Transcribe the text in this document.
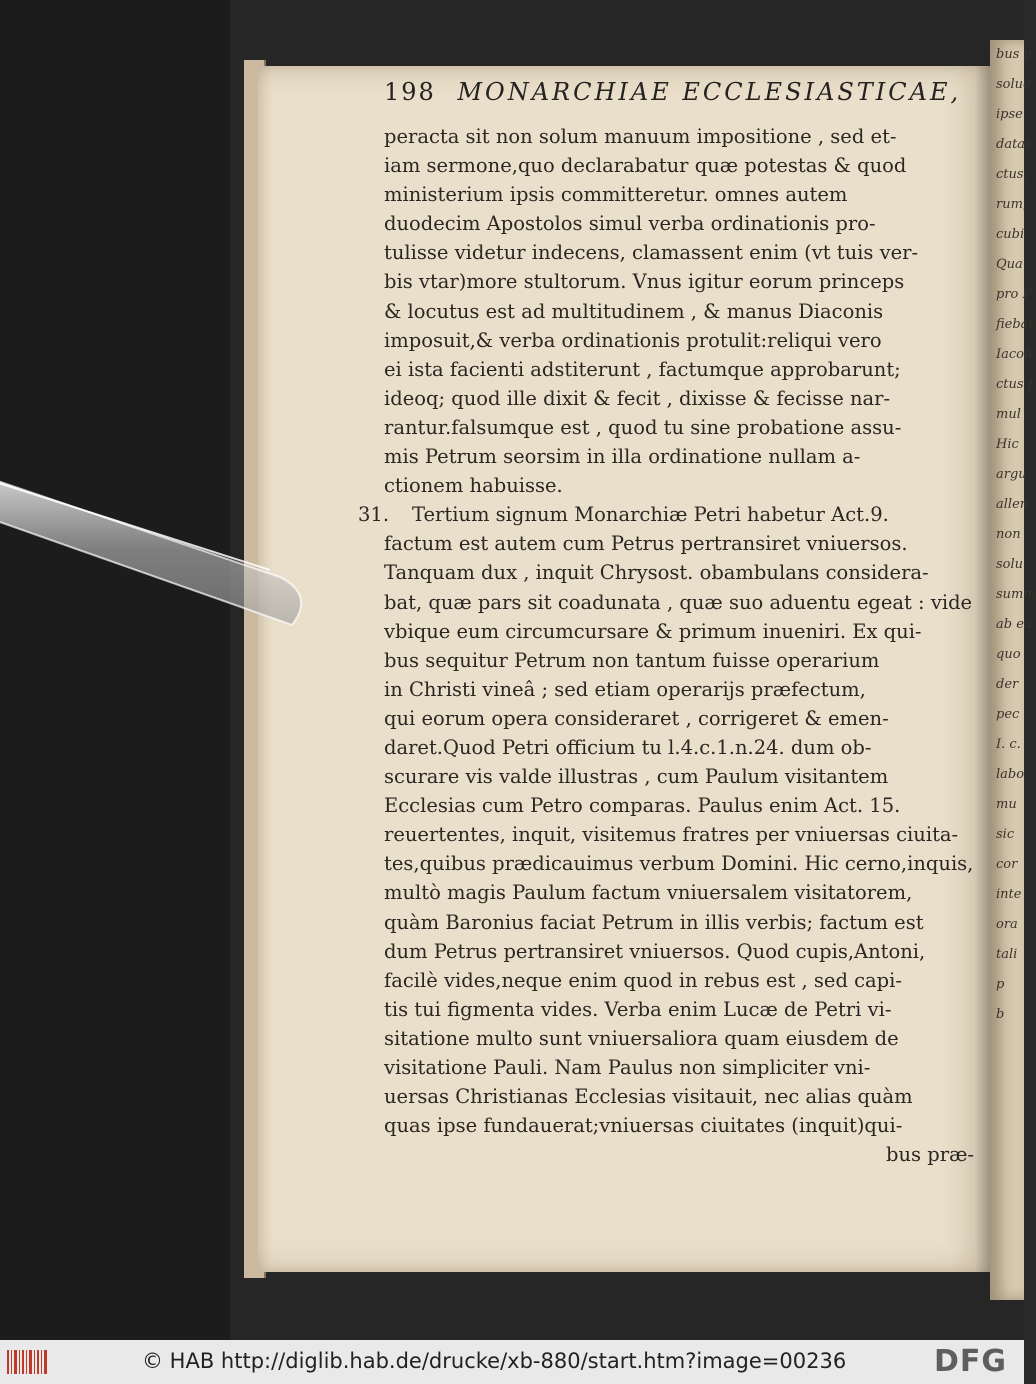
198 MONARCHIAE ECCLESIASTICAE,
peracta sit non solum manuum impositione , sed et-
iam sermone,quo declarabatur quæ potestas & quod
ministerium ipsis committeretur. omnes autem
duodecim Apostolos simul verba ordinationis pro-
tulisse videtur indecens, clamassent enim (vt tuis ver-
bis vtar)more stultorum. Vnus igitur eorum princeps
& locutus est ad multitudinem , & manus Diaconis
imposuit,& verba ordinationis protulit:reliqui vero
ei ista facienti adstiterunt , factumque approbarunt;
ideoq; quod ille dixit & fecit , dixisse & fecisse nar-
rantur.falsumque est , quod tu sine probatione assu-
mis Petrum seorsim in illa ordinatione nullam a-
ctionem habuisse.
31. Tertium signum Monarchiæ Petri habetur Act.9.
factum est autem cum Petrus pertransiret vniuersos.
Tanquam dux , inquit Chrysost. obambulans considera-
bat, quæ pars sit coadunata , quæ suo aduentu egeat : vide
vbique eum circumcursare & primum inueniri. Ex qui-
bus sequitur Petrum non tantum fuisse operarium
in Christi vineâ ; sed etiam operarijs præfectum,
qui eorum opera consideraret , corrigeret & emen-
daret.Quod Petri officium tu l.4.c.1.n.24. dum ob-
scurare vis valde illustras , cum Paulum visitantem
Ecclesias cum Petro comparas. Paulus enim Act. 15.
reuertentes, inquit, visitemus fratres per vniuersas ciuita-
tes,quibus prædicauimus verbum Domini. Hic cerno,inquis,
multò magis Paulum factum vniuersalem visitatorem,
quàm Baronius faciat Petrum in illis verbis; factum est
dum Petrus pertransiret vniuersos. Quod cupis,Antoni,
facilè vides,neque enim quod in rebus est , sed capi-
tis tui figmenta vides. Verba enim Lucæ de Petri vi-
sitatione multo sunt vniuersaliora quam eiusdem de
visitatione Pauli. Nam Paulus non simpliciter vni-
uersas Christianas Ecclesias visitauit, nec alias quàm
quas ipse fundauerat;vniuersas ciuitates (inquit)qui-
bus præ-
bus p
solue
ipse
datas
ctus,
rum,
cubi
Qua
pro P
fiebat
Iacob
ctus f
mul
Hic
argu
allen
non
solu
summ
ab ea
quo
der
pec
I. c.
labo
mu
sic
cor
inte
ora
tali
p
b
© HAB http://diglib.hab.de/drucke/xb-880/start.htm?image=00236	DFG
